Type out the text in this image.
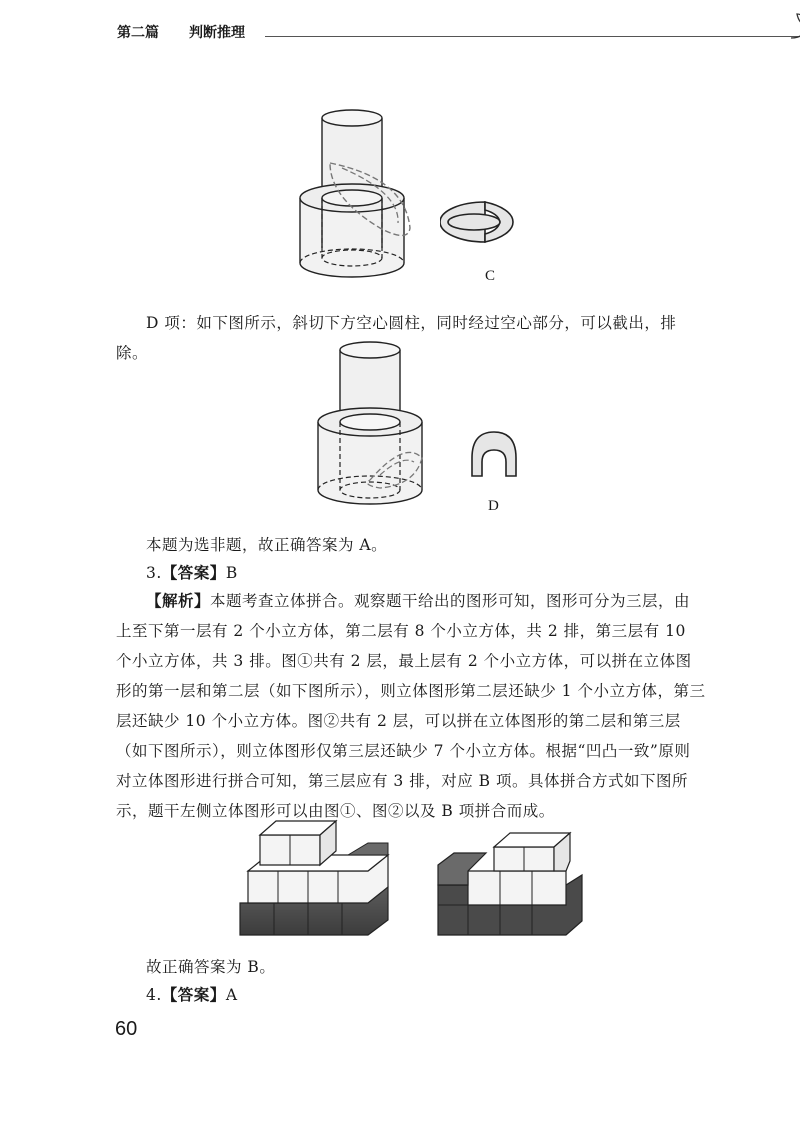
第二篇 判断推理
C

D 项：如下图所示，斜切下方空心圆柱，同时经过空心部分，可以截出，排除。

D

本题为选非题，故正确答案为 A。

3.【答案】B

【解析】本题考查立体拼合。观察题干给出的图形可知，图形可分为三层，由上至下第一层有 2 个小立方体，第二层有 8 个小立方体，共 2 排，第三层有 10 个小立方体，共 3 排。图①共有 2 层，最上层有 2 个小立方体，可以拼在立体图形的第一层和第二层（如下图所示），则立体图形第二层还缺少 1 个小立方体，第三层还缺少 10 个小立方体。图②共有 2 层，可以拼在立体图形的第二层和第三层（如下图所示），则立体图形仅第三层还缺少 7 个小立方体。根据“凹凸一致”原则对立体图形进行拼合可知，第三层应有 3 排，对应 B 项。具体拼合方式如下图所示，题干左侧立体图形可以由图①、图②以及 B 项拼合而成。

故正确答案为 B。

4.【答案】A

60
